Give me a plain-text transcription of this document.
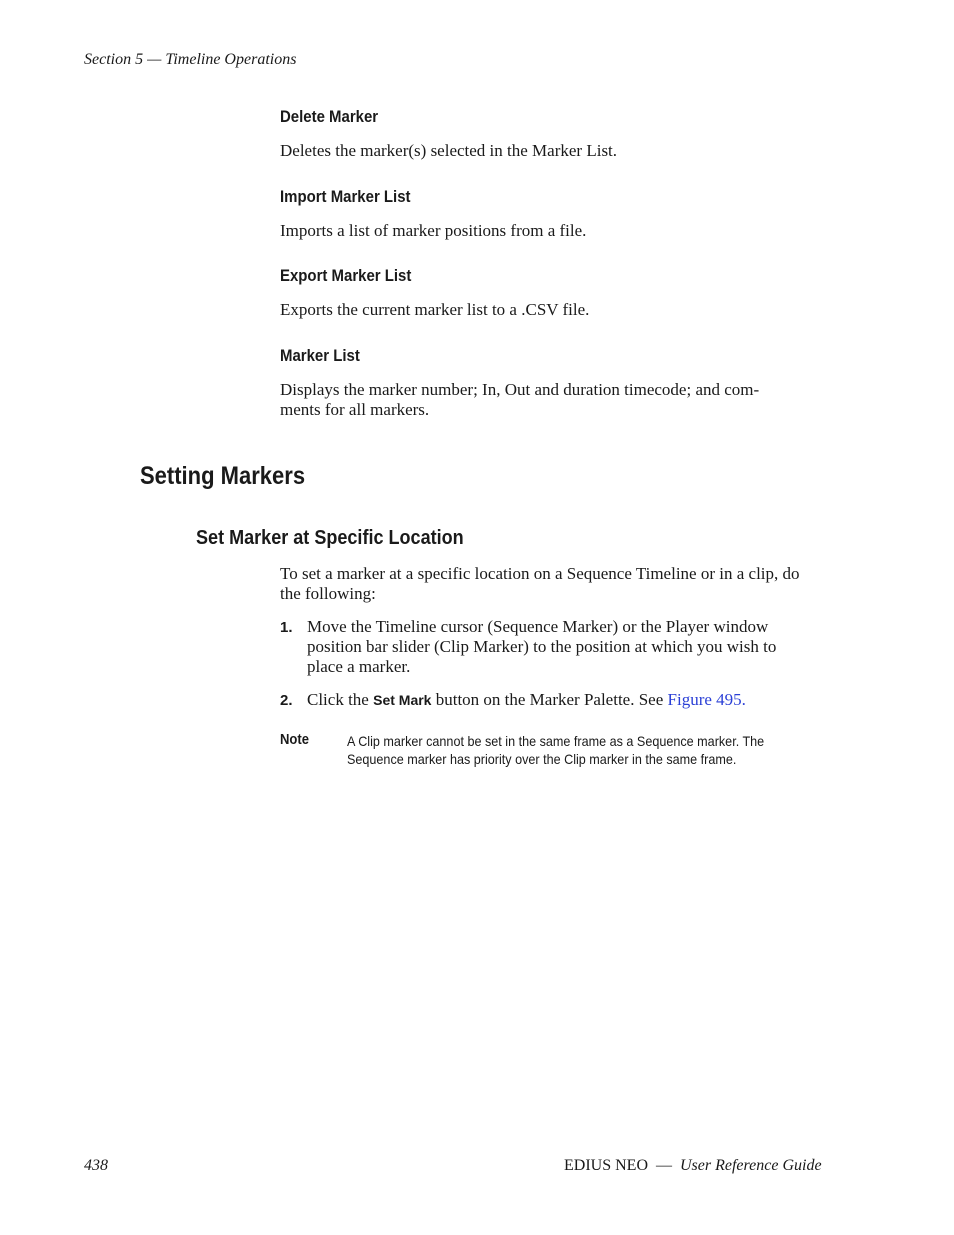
Section 5 — Timeline Operations
Delete Marker
Deletes the marker(s) selected in the Marker List.
Import Marker List
Imports a list of marker positions from a file.
Export Marker List
Exports the current marker list to a .CSV file.
Marker List
Displays the marker number; In, Out and duration timecode; and com-
ments for all markers.
Setting Markers
Set Marker at Specific Location
To set a marker at a specific location on a Sequence Timeline or in a clip, do
the following:
1. Move the Timeline cursor (Sequence Marker) or the Player window
position bar slider (Clip Marker) to the position at which you wish to
place a marker.
2. Click the Set Mark button on the Marker Palette. See Figure 495.
Note	A Clip marker cannot be set in the same frame as a Sequence marker. The
Sequence marker has priority over the Clip marker in the same frame.
438	EDIUS NEO — User Reference Guide
